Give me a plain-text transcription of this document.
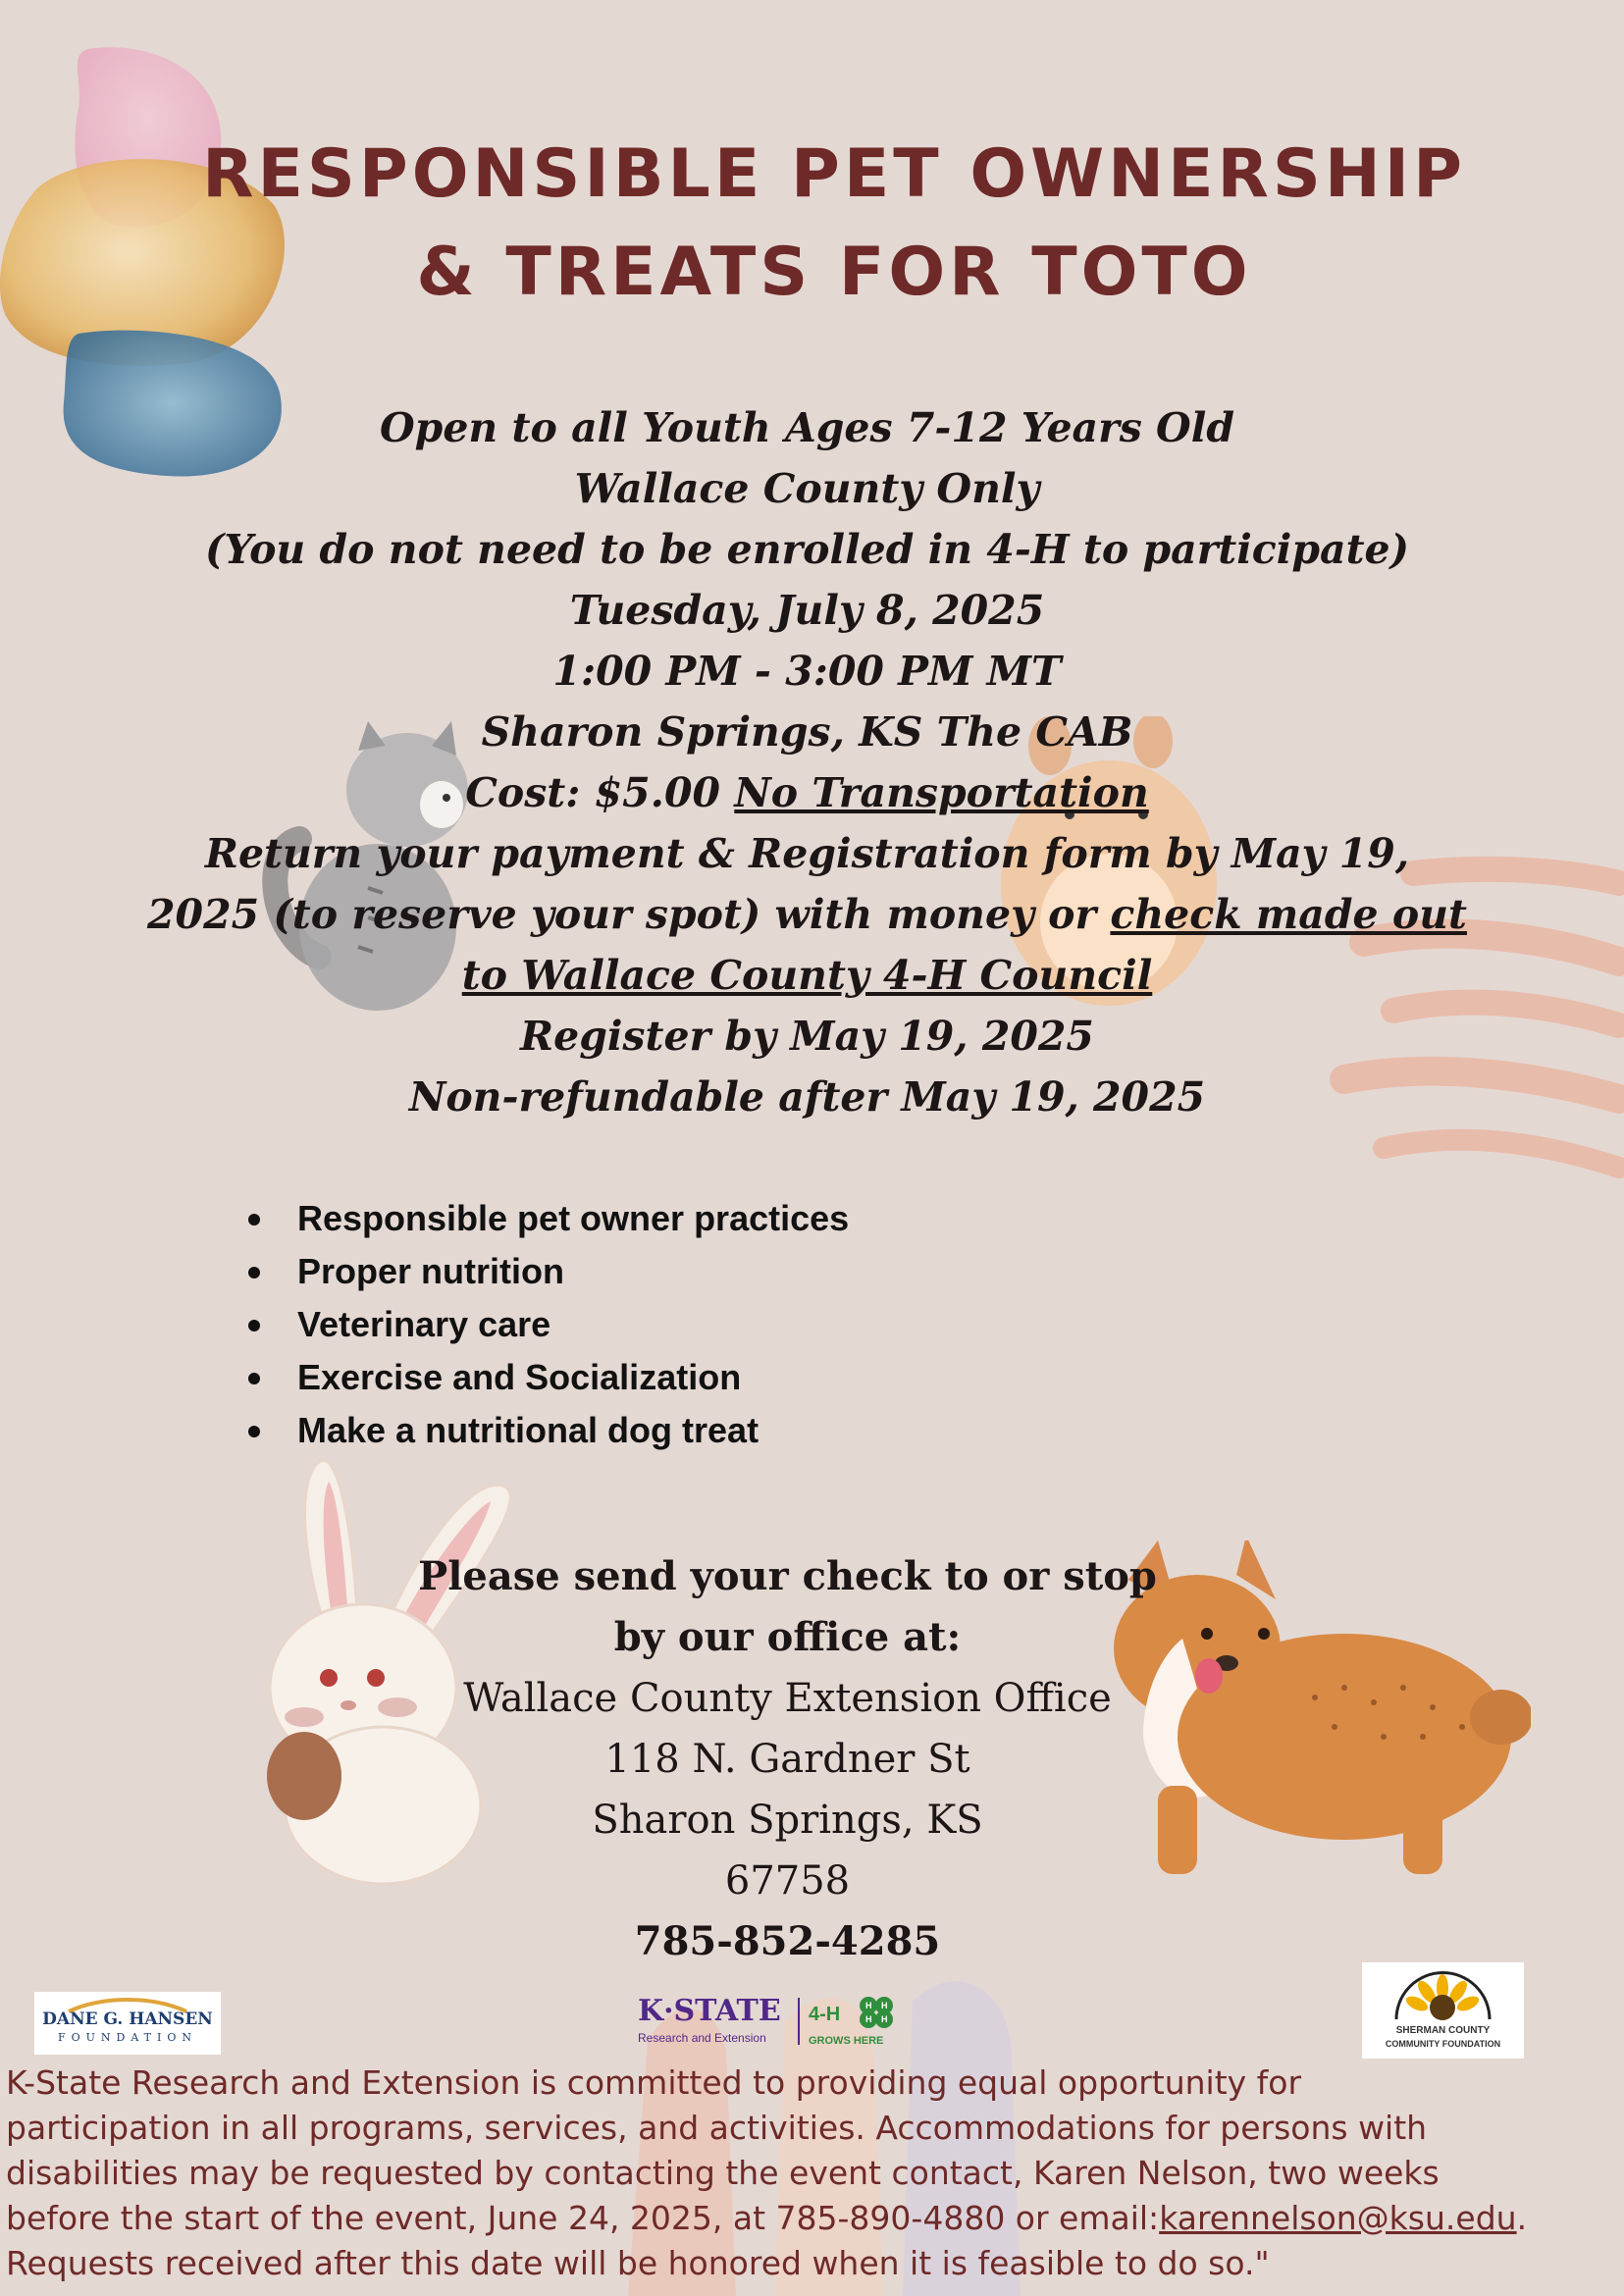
RESPONSIBLE PET OWNERSHIP
& TREATS FOR TOTO
Open to all Youth Ages 7-12 Years Old
Wallace County Only
(You do not need to be enrolled in 4-H to participate)
Tuesday, July 8, 2025
1:00 PM - 3:00 PM MT
Sharon Springs, KS The CAB
Cost: $5.00 No Transportation
Return your payment & Registration form by May 19,
2025 (to reserve your spot) with money or check made out
to Wallace County 4-H Council
Register by May 19, 2025
Non-refundable after May 19, 2025
Responsible pet owner practices
Proper nutrition
Veterinary care
Exercise and Socialization
Make a nutritional dog treat
Please send your check to or stop
by our office at:
Wallace County Extension Office
118 N. Gardner St
Sharon Springs, KS
67758
785-852-4285
DANE G. HANSEN
FOUNDATION
K·STATE
Research and Extension
4-H	H H
H H
GROWS HERE
SHERMAN COUNTY
COMMUNITY FOUNDATION
K-State Research and Extension is committed to providing equal opportunity for
participation in all programs, services, and activities. Accommodations for persons with
disabilities may be requested by contacting the event contact, Karen Nelson, two weeks
before the start of the event, June 24, 2025, at 785-890-4880 or email:karennelson@ksu.edu.
Requests received after this date will be honored when it is feasible to do so."
